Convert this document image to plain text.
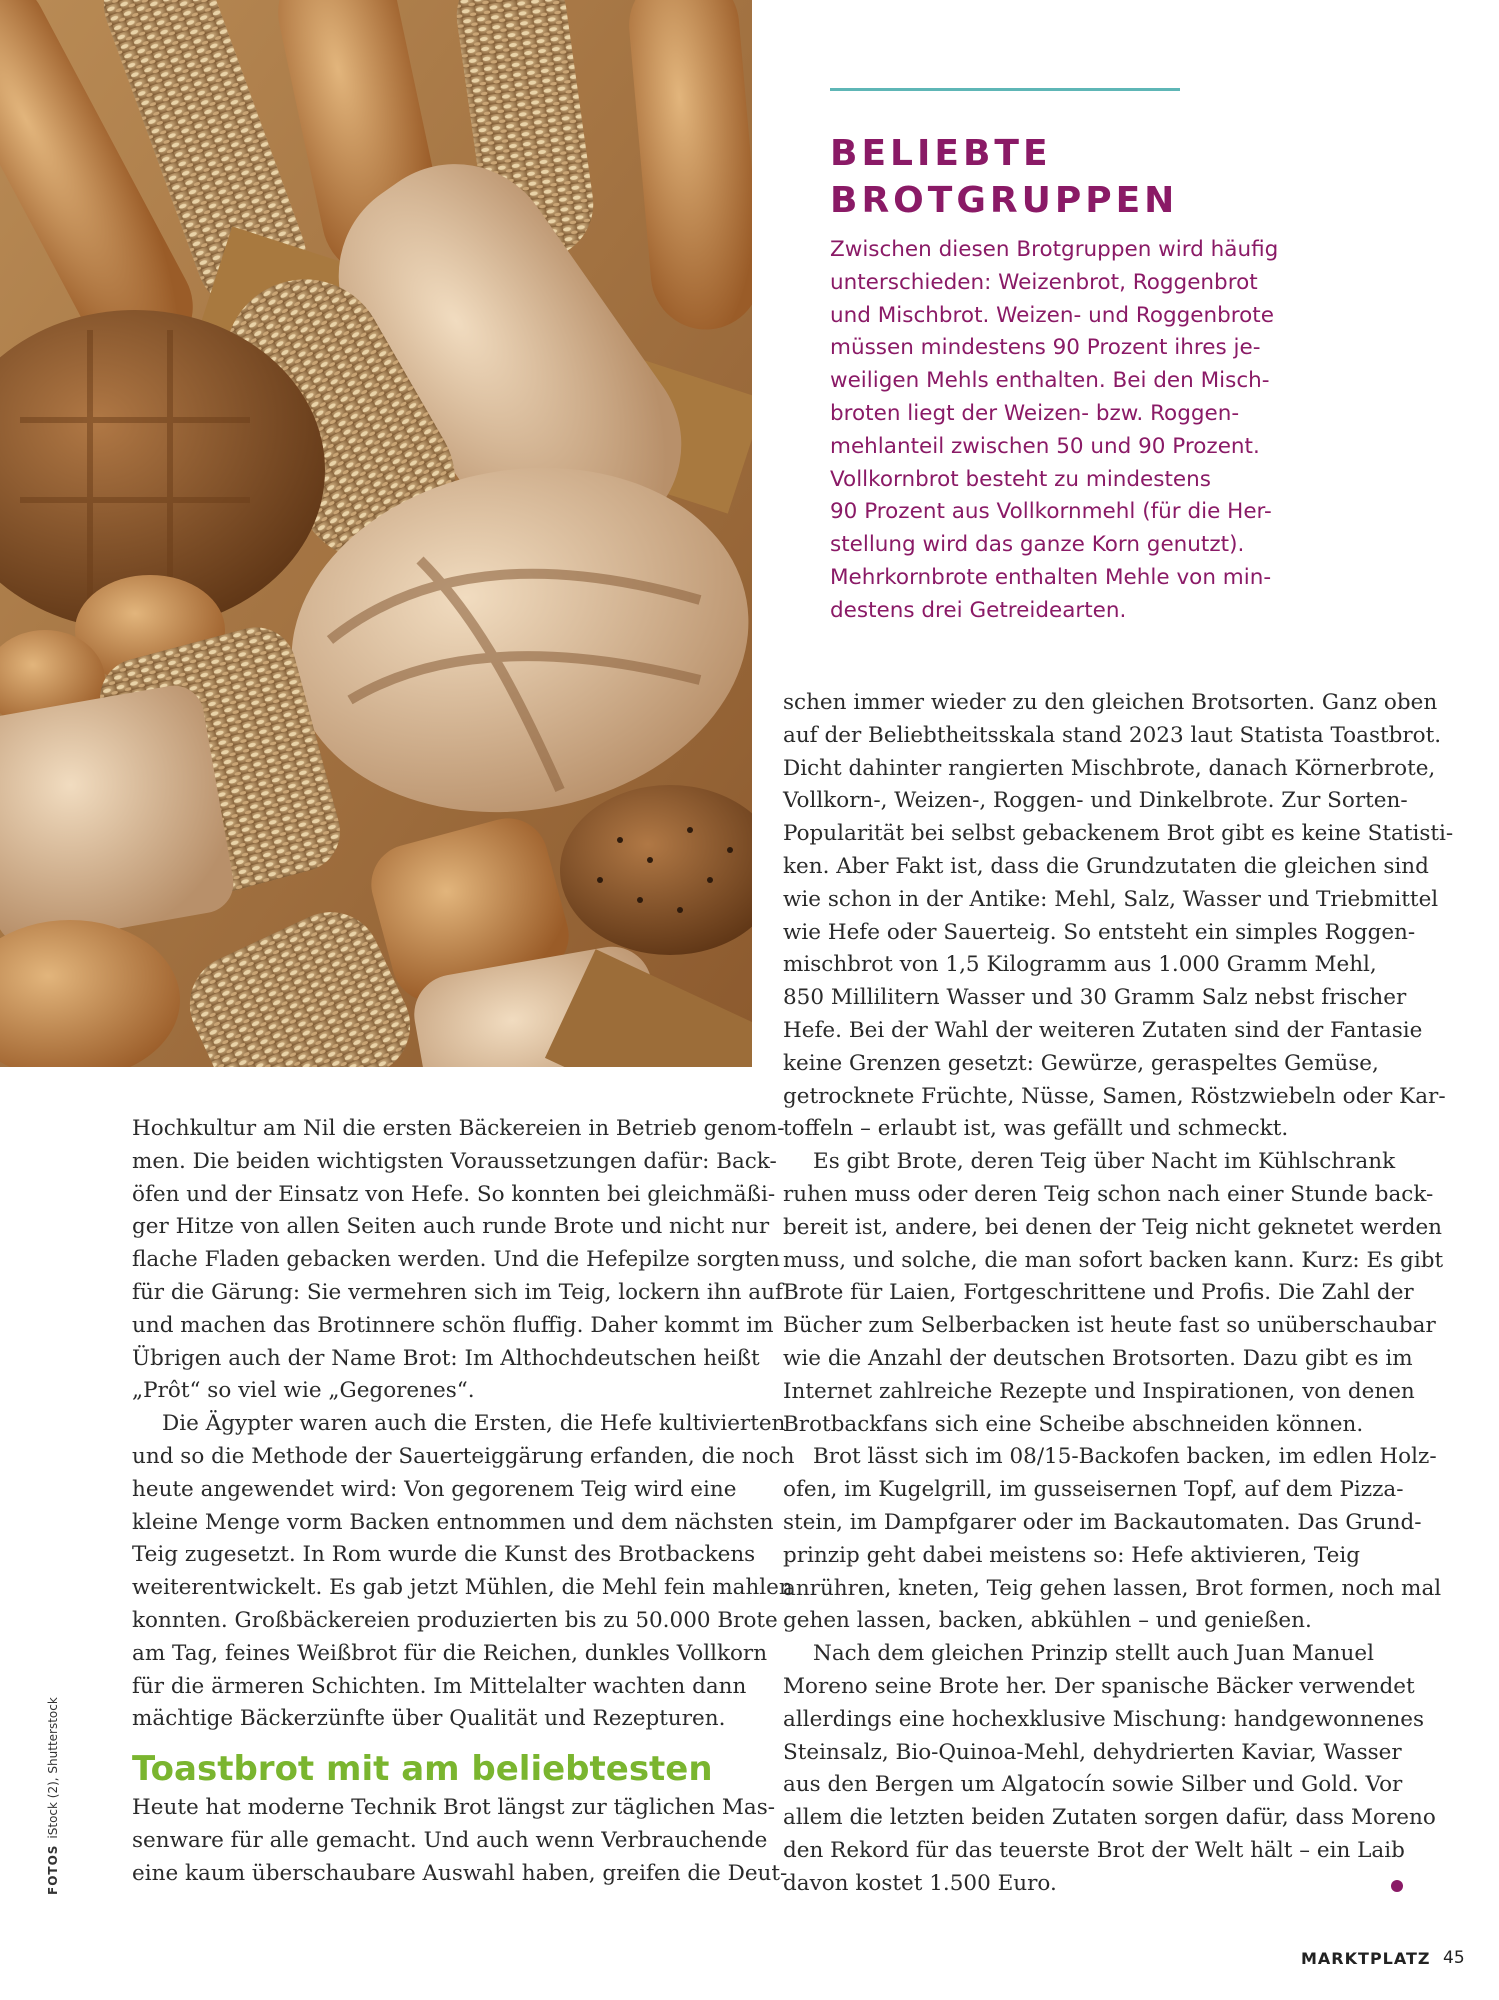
BELIEBTE
BROTGRUPPEN

Zwischen diesen Brotgruppen wird häufig
unterschieden: Weizenbrot, Roggenbrot
und Mischbrot. Weizen- und Roggenbrote
müssen mindestens 90 Prozent ihres je-
weiligen Mehls enthalten. Bei den Misch-
broten liegt der Weizen- bzw. Roggen-
mehlanteil zwischen 50 und 90 Prozent.
Vollkornbrot besteht zu mindestens
90 Prozent aus Vollkornmehl (für die Her-
stellung wird das ganze Korn genutzt).
Mehrkornbrote enthalten Mehle von min-
destens drei Getreidearten.

Hochkultur am Nil die ersten Bäckereien in Betrieb genom-
men. Die beiden wichtigsten Voraussetzungen dafür: Back-
öfen und der Einsatz von Hefe. So konnten bei gleichmäßi-
ger Hitze von allen Seiten auch runde Brote und nicht nur
flache Fladen gebacken werden. Und die Hefepilze sorgten
für die Gärung: Sie vermehren sich im Teig, lockern ihn auf
und machen das Brotinnere schön fluffig. Daher kommt im
Übrigen auch der Name Brot: Im Althochdeutschen heißt
„Prôt“ so viel wie „Gegorenes“.
Die Ägypter waren auch die Ersten, die Hefe kultivierten
und so die Methode der Sauerteiggärung erfanden, die noch
heute angewendet wird: Von gegorenem Teig wird eine
kleine Menge vorm Backen entnommen und dem nächsten
Teig zugesetzt. In Rom wurde die Kunst des Brotbackens
weiterentwickelt. Es gab jetzt Mühlen, die Mehl fein mahlen
konnten. Großbäckereien produzierten bis zu 50.000 Brote
am Tag, feines Weißbrot für die Reichen, dunkles Vollkorn
für die ärmeren Schichten. Im Mittelalter wachten dann
mächtige Bäckerzünfte über Qualität und Rezepturen.
Toastbrot mit am beliebtesten
Heute hat moderne Technik Brot längst zur täglichen Mas-
senware für alle gemacht. Und auch wenn Verbrauchende
eine kaum überschaubare Auswahl haben, greifen die Deut-
schen immer wieder zu den gleichen Brotsorten. Ganz oben
auf der Beliebtheitsskala stand 2023 laut Statista Toastbrot.
Dicht dahinter rangierten Mischbrote, danach Körnerbrote,
Vollkorn-, Weizen-, Roggen- und Dinkelbrote. Zur Sorten-
Popularität bei selbst gebackenem Brot gibt es keine Statisti-
ken. Aber Fakt ist, dass die Grundzutaten die gleichen sind
wie schon in der Antike: Mehl, Salz, Wasser und Triebmittel
wie Hefe oder Sauerteig. So entsteht ein simples Roggen-
mischbrot von 1,5 Kilogramm aus 1.000 Gramm Mehl,
850 Millilitern Wasser und 30 Gramm Salz nebst frischer
Hefe. Bei der Wahl der weiteren Zutaten sind der Fantasie
keine Grenzen gesetzt: Gewürze, geraspeltes Gemüse,
getrocknete Früchte, Nüsse, Samen, Röstzwiebeln oder Kar-
toffeln – erlaubt ist, was gefällt und schmeckt.
Es gibt Brote, deren Teig über Nacht im Kühlschrank
ruhen muss oder deren Teig schon nach einer Stunde back-
bereit ist, andere, bei denen der Teig nicht geknetet werden
muss, und solche, die man sofort backen kann. Kurz: Es gibt
Brote für Laien, Fortgeschrittene und Profis. Die Zahl der
Bücher zum Selberbacken ist heute fast so unüberschaubar
wie die Anzahl der deutschen Brotsorten. Dazu gibt es im
Internet zahlreiche Rezepte und Inspirationen, von denen
Brotbackfans sich eine Scheibe abschneiden können.
Brot lässt sich im 08/15-Backofen backen, im edlen Holz-
ofen, im Kugelgrill, im gusseisernen Topf, auf dem Pizza-
stein, im Dampfgarer oder im Backautomaten. Das Grund-
prinzip geht dabei meistens so: Hefe aktivieren, Teig
anrühren, kneten, Teig gehen lassen, Brot formen, noch mal
gehen lassen, backen, abkühlen – und genießen.
Nach dem gleichen Prinzip stellt auch Juan Manuel
Moreno seine Brote her. Der spanische Bäcker verwendet
allerdings eine hochexklusive Mischung: handgewonnenes
Steinsalz, Bio-Quinoa-Mehl, dehydrierten Kaviar, Wasser
aus den Bergen um Algatocín sowie Silber und Gold. Vor
allem die letzten beiden Zutaten sorgen dafür, dass Moreno
den Rekord für das teuerste Brot der Welt hält – ein Laib
davon kostet 1.500 Euro.
FOTOSiStock (2), Shutterstock
MARKTPLATZ 45
